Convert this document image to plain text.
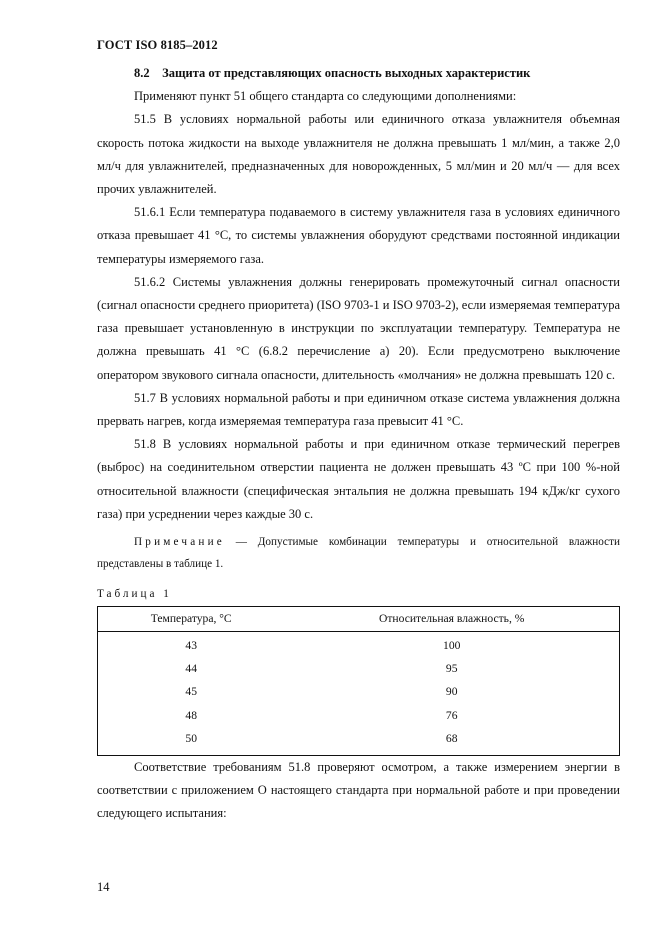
ГОСТ ISO 8185–2012

8.2 Защита от представляющих опасность выходных характеристик

Применяют пункт 51 общего стандарта со следующими дополнениями:

51.5 В условиях нормальной работы или единичного отказа увлажнителя объемная скорость потока жидкости на выходе увлажнителя не должна превышать 1 мл/мин, а также 2,0 мл/ч для увлажнителей, предназначенных для новорожденных, 5 мл/мин и 20 мл/ч — для всех прочих увлажнителей.

51.6.1 Если температура подаваемого в систему увлажнителя газа в условиях единичного отказа превышает 41 °С, то системы увлажнения оборудуют средствами постоянной индикации температуры измеряемого газа.

51.6.2 Системы увлажнения должны генерировать промежуточный сигнал опасности (сигнал опасности среднего приоритета) (ISO 9703-1 и ISO 9703-2), если измеряемая температура газа превышает установленную в инструкции по эксплуатации температуру. Температура не должна превышать 41 °С (6.8.2 перечисление а) 20). Если предусмотрено выключение оператором звукового сигнала опасности, длительность «молчания» не должна превышать 120 с.

51.7 В условиях нормальной работы и при единичном отказе система увлажнения должна прервать нагрев, когда измеряемая температура газа превысит 41 °С.

51.8 В условиях нормальной работы и при единичном отказе термический перегрев (выброс) на соединительном отверстии пациента не должен превышать 43 ºС при 100 %-ной относительной влажности (специфическая энтальпия не должна превышать 194 кДж/кг сухого газа) при усреднении через каждые 30 с.

Примечание — Допустимые комбинации температуры и относительной влажности представлены в таблице 1.

Таблица 1
Температура, °С	Относительная влажность, %
43	100
44	95
45	90
48	76
50	68

Соответствие требованиям 51.8 проверяют осмотром, а также измерением энергии в соответствии с приложением О настоящего стандарта при нормальной работе и при проведении следующего испытания:

14
